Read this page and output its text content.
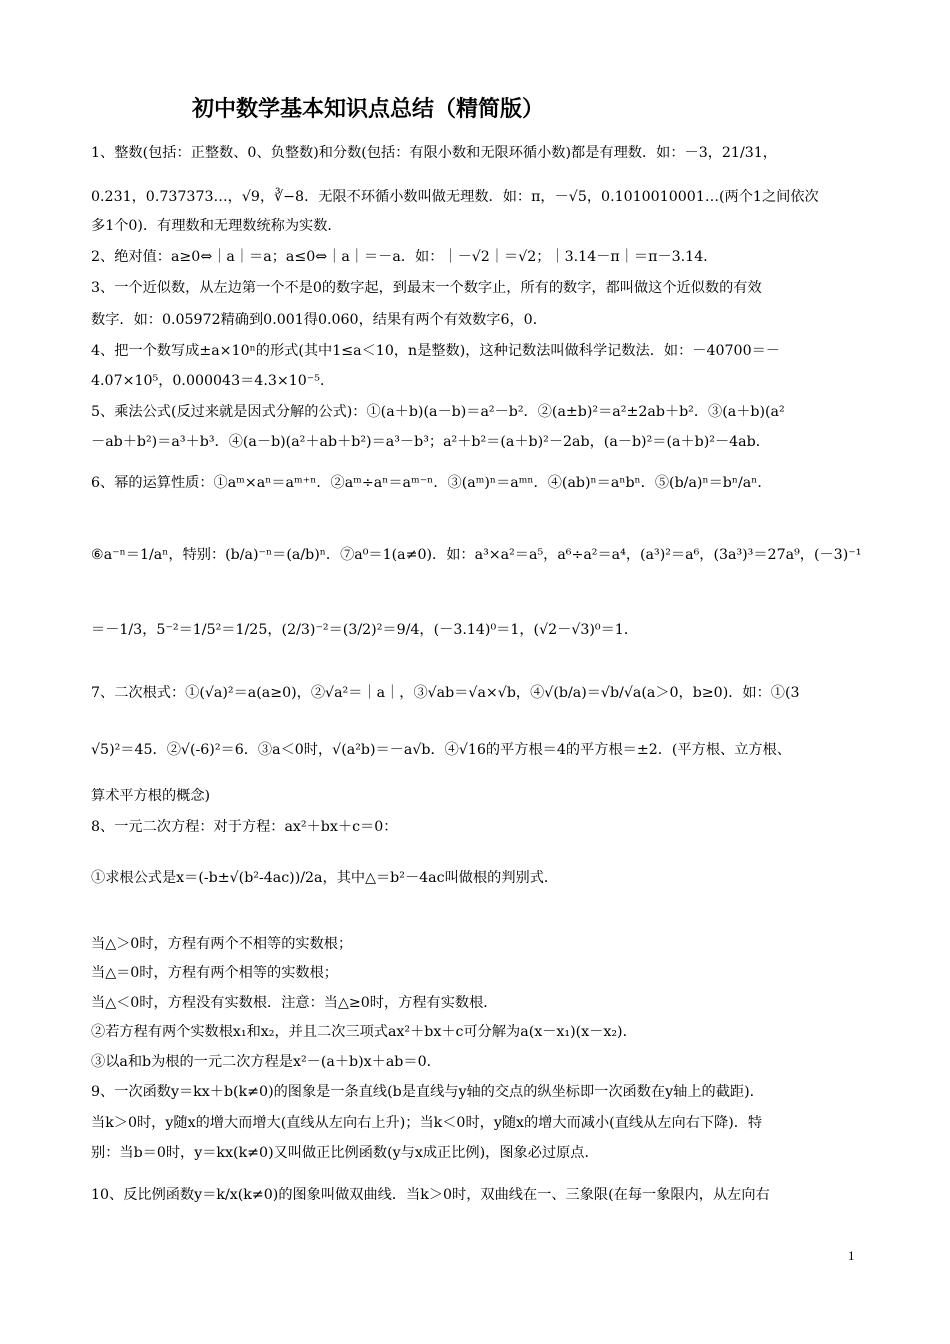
初中数学基本知识点总结（精简版）
1、整数(包括：正整数、0、负整数)和分数(包括：有限小数和无限环循小数)都是有理数．如：－3，21/31，
0.231，0.737373…，√9，∛−8．无限不环循小数叫做无理数．如：π，－√5，0.1010010001…(两个1之间依次
多1个0)．有理数和无理数统称为实数．
2、绝对值：a≥0⇔｜a｜＝a；a≤0⇔｜a｜＝－a．如：｜－√2｜＝√2；｜3.14－π｜＝π－3.14．
3、一个近似数，从左边第一个不是0的数字起，到最末一个数字止，所有的数字，都叫做这个近似数的有效
数字．如：0.05972精确到0.001得0.060，结果有两个有效数字6，0．
4、把一个数写成±a×10ⁿ的形式(其中1≤a＜10，n是整数)，这种记数法叫做科学记数法．如：－40700＝－
4.07×10⁵，0.000043＝4.3×10⁻⁵．
5、乘法公式(反过来就是因式分解的公式)：①(a＋b)(a－b)＝a²－b²．②(a±b)²＝a²±2ab＋b²．③(a＋b)(a²
－ab＋b²)＝a³＋b³．④(a－b)(a²＋ab＋b²)＝a³－b³；a²＋b²＝(a＋b)²－2ab，(a－b)²＝(a＋b)²－4ab．
6、幂的运算性质：①aᵐ×aⁿ＝aᵐ⁺ⁿ．②aᵐ÷aⁿ＝aᵐ⁻ⁿ．③(aᵐ)ⁿ＝aᵐⁿ．④(ab)ⁿ＝aⁿbⁿ．⑤(b/a)ⁿ＝bⁿ/aⁿ．
⑥a⁻ⁿ＝1/aⁿ，特别：(b/a)⁻ⁿ＝(a/b)ⁿ．⑦a⁰＝1(a≠0)．如：a³×a²＝a⁵，a⁶÷a²＝a⁴，(a³)²＝a⁶，(3a³)³＝27a⁹，(－3)⁻¹
＝－1/3，5⁻²＝1/5²＝1/25，(2/3)⁻²＝(3/2)²＝9/4，(－3.14)⁰＝1，(√2－√3)⁰＝1．
7、二次根式：①(√a)²＝a(a≥0)，②√a²＝｜a｜，③√ab＝√a×√b，④√(b/a)＝√b/√a(a＞0，b≥0)．如：①(3
√5)²＝45．②√(-6)²＝6．③a＜0时，√(a²b)＝－a√b．④√16的平方根＝4的平方根＝±2．(平方根、立方根、
算术平方根的概念)
8、一元二次方程：对于方程：ax²＋bx＋c＝0：
①求根公式是x＝(-b±√(b²-4ac))/2a，其中△＝b²－4ac叫做根的判别式．
当△＞0时，方程有两个不相等的实数根；
当△＝0时，方程有两个相等的实数根；
当△＜0时，方程没有实数根．注意：当△≥0时，方程有实数根．
②若方程有两个实数根x₁和x₂，并且二次三项式ax²＋bx＋c可分解为a(x－x₁)(x－x₂)．
③以a和b为根的一元二次方程是x²－(a＋b)x＋ab＝0．
9、一次函数y＝kx＋b(k≠0)的图象是一条直线(b是直线与y轴的交点的纵坐标即一次函数在y轴上的截距)．
当k＞0时，y随x的增大而增大(直线从左向右上升)；当k＜0时，y随x的增大而减小(直线从左向右下降)．特
别：当b＝0时，y＝kx(k≠0)又叫做正比例函数(y与x成正比例)，图象必过原点．
10、反比例函数y＝k/x(k≠0)的图象叫做双曲线．当k＞0时，双曲线在一、三象限(在每一象限内，从左向右
1
